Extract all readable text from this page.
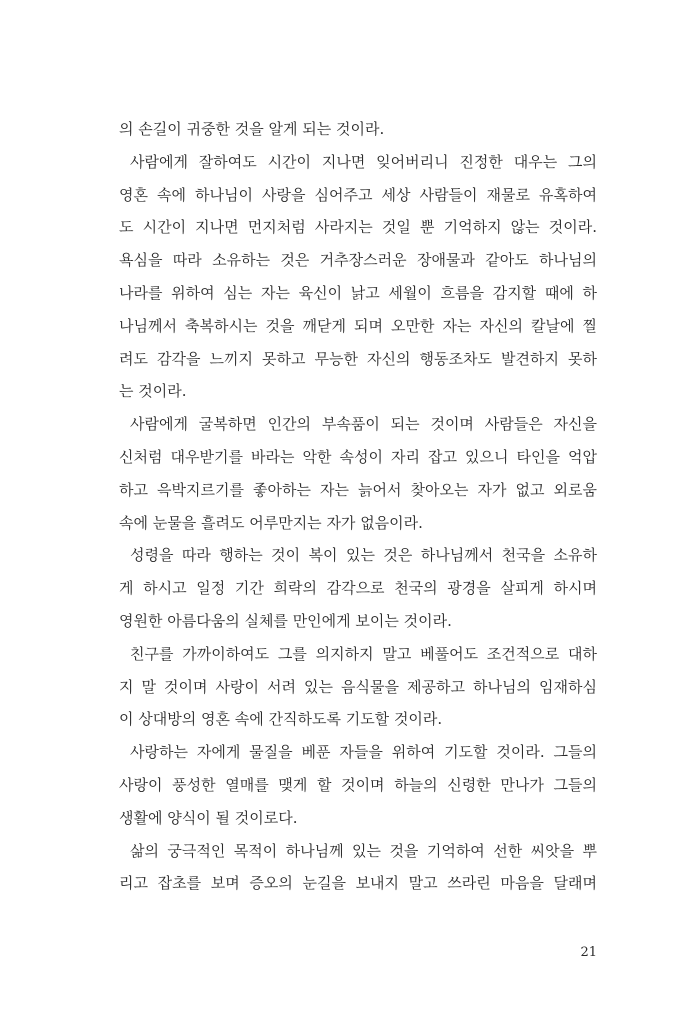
의 손길이 귀중한 것을 알게 되는 것이라.
사람에게 잘하여도 시간이 지나면 잊어버리니 진정한 대우는 그의
영혼 속에 하나님이 사랑을 심어주고 세상 사람들이 재물로 유혹하여
도 시간이 지나면 먼지처럼 사라지는 것일 뿐 기억하지 않는 것이라.
욕심을 따라 소유하는 것은 거추장스러운 장애물과 같아도 하나님의
나라를 위하여 심는 자는 육신이 낡고 세월이 흐름을 감지할 때에 하
나님께서 축복하시는 것을 깨닫게 되며 오만한 자는 자신의 칼날에 찔
려도 감각을 느끼지 못하고 무능한 자신의 행동조차도 발견하지 못하
는 것이라.
사람에게 굴복하면 인간의 부속품이 되는 것이며 사람들은 자신을
신처럼 대우받기를 바라는 악한 속성이 자리 잡고 있으니 타인을 억압
하고 윽박지르기를 좋아하는 자는 늙어서 찾아오는 자가 없고 외로움
속에 눈물을 흘려도 어루만지는 자가 없음이라.
성령을 따라 행하는 것이 복이 있는 것은 하나님께서 천국을 소유하
게 하시고 일정 기간 희락의 감각으로 천국의 광경을 살피게 하시며
영원한 아름다움의 실체를 만인에게 보이는 것이라.
친구를 가까이하여도 그를 의지하지 말고 베풀어도 조건적으로 대하
지 말 것이며 사랑이 서려 있는 음식물을 제공하고 하나님의 임재하심
이 상대방의 영혼 속에 간직하도록 기도할 것이라.
사랑하는 자에게 물질을 베푼 자들을 위하여 기도할 것이라. 그들의
사랑이 풍성한 열매를 맺게 할 것이며 하늘의 신령한 만나가 그들의
생활에 양식이 될 것이로다.
삶의 궁극적인 목적이 하나님께 있는 것을 기억하여 선한 씨앗을 뿌
리고 잡초를 보며 증오의 눈길을 보내지 말고 쓰라린 마음을 달래며
21
